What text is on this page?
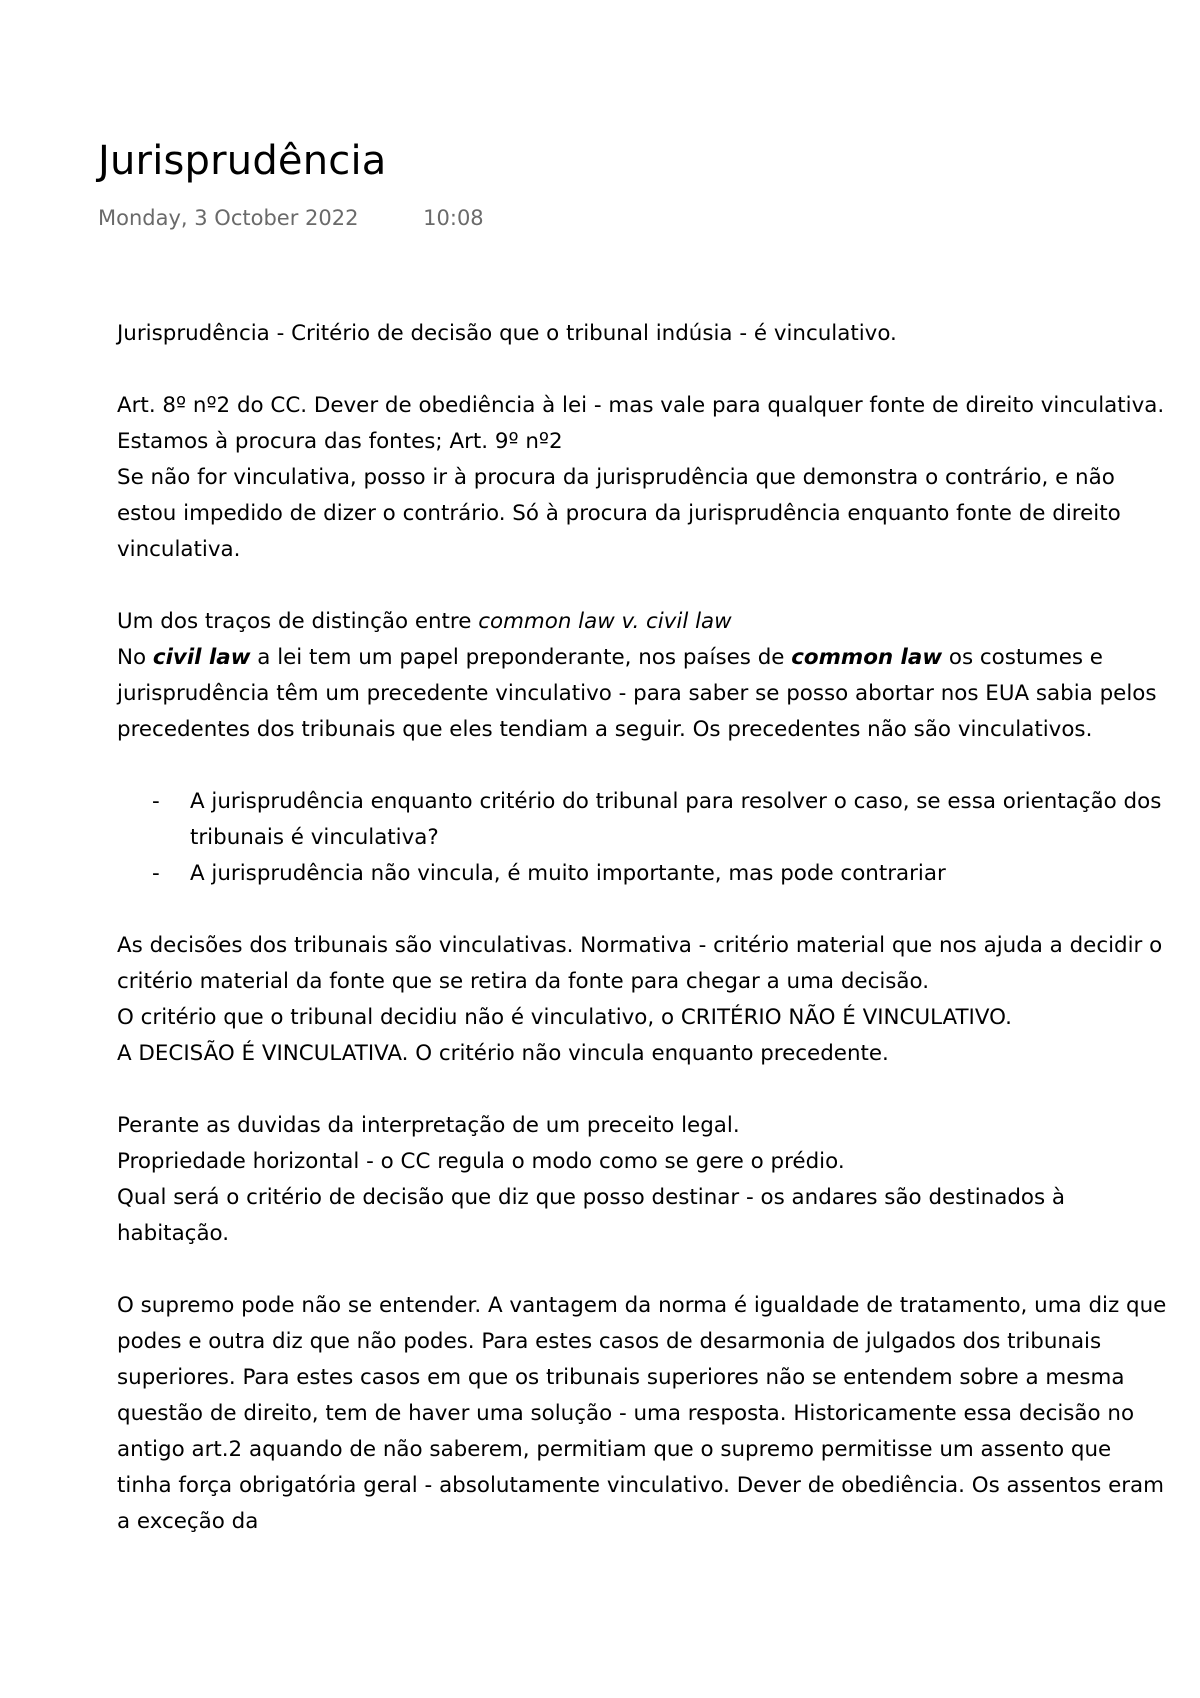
Jurisprudência
Monday, 3 October 2022	10:08

Jurisprudência - Critério de decisão que o tribunal indúsia - é vinculativo.

Art. 8º nº2 do CC. Dever de obediência à lei - mas vale para qualquer fonte de direito vinculativa. Estamos à procura das fontes; Art. 9º nº2

Se não for vinculativa, posso ir à procura da jurisprudência que demonstra o contrário, e não estou impedido de dizer o contrário. Só à procura da jurisprudência enquanto fonte de direito vinculativa.

Um dos traços de distinção entre common law v. civil law

No civil law a lei tem um papel preponderante, nos países de common law os costumes e jurisprudência têm um precedente vinculativo - para saber se posso abortar nos EUA sabia pelos precedentes dos tribunais que eles tendiam a seguir. Os precedentes não são vinculativos.

- A jurisprudência enquanto critério do tribunal para resolver o caso, se essa orientação dos tribunais é vinculativa?
- A jurisprudência não vincula, é muito importante, mas pode contrariar

As decisões dos tribunais são vinculativas. Normativa - critério material que nos ajuda a decidir o critério material da fonte que se retira da fonte para chegar a uma decisão.

O critério que o tribunal decidiu não é vinculativo, o CRITÉRIO NÃO É VINCULATIVO.

A DECISÃO É VINCULATIVA. O critério não vincula enquanto precedente.

Perante as duvidas da interpretação de um preceito legal.

Propriedade horizontal - o CC regula o modo como se gere o prédio.

Qual será o critério de decisão que diz que posso destinar - os andares são destinados à habitação.

O supremo pode não se entender. A vantagem da norma é igualdade de tratamento, uma diz que podes e outra diz que não podes. Para estes casos de desarmonia de julgados dos tribunais superiores. Para estes casos em que os tribunais superiores não se entendem sobre a mesma questão de direito, tem de haver uma solução - uma resposta. Historicamente essa decisão no antigo art.2 aquando de não saberem, permitiam que o supremo permitisse um assento que tinha força obrigatória geral - absolutamente vinculativo. Dever de obediência. Os assentos eram a exceção da
